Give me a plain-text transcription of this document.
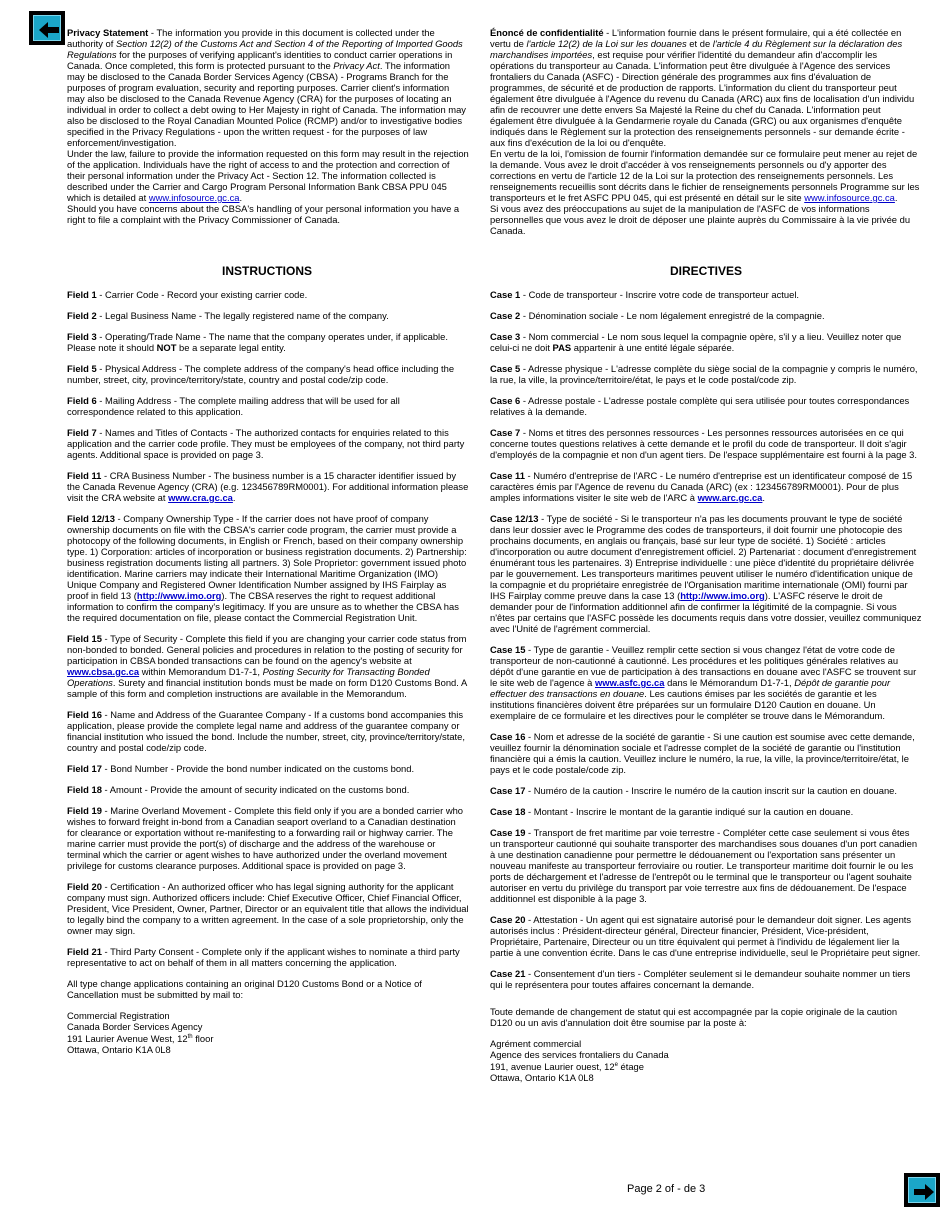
Privacy Statement - The information you provide in this document is collected under the authority of Section 12(2) of the Customs Act and Section 4 of the Reporting of Imported Goods Regulations for the purposes of verifying applicant's identities to conduct carrier operations in Canada. Once completed, this form is protected pursuant to the Privacy Act. The information may be disclosed to the Canada Border Services Agency (CBSA) - Programs Branch for the purposes of program evaluation, security and reporting purposes. Carrier client's information may also be disclosed to the Canada Revenue Agency (CRA) for the purposes of locating an individual in order to collect a debt owing to Her Majesty in right of Canada. The information may also be disclosed to the Royal Canadian Mounted Police (RCMP) and/or to investigative bodies specified in the Privacy Regulations - upon the written request - for the purposes of law enforcement/investigation.

Under the law, failure to provide the information requested on this form may result in the rejection of the application. Individuals have the right of access to and the protection and correction of their personal information under the Privacy Act - Section 12. The information collected is described under the Carrier and Cargo Program Personal Information Bank CBSA PPU 045 which is detailed at www.infosource.gc.ca.

Should you have concerns about the CBSA's handling of your personal information you have a right to file a complaint with the Privacy Commissioner of Canada.

Énoncé de confidentialité - L'information fournie dans le présent formulaire, qui a été collectée en vertu de l'article 12(2) de la Loi sur les douanes et de l'article 4 du Règlement sur la déclaration des marchandises importées, est requise pour vérifier l'identité du demandeur afin d'accomplir les opérations du transporteur au Canada. L'information peut être divulguée à l'Agence des services frontaliers du Canada (ASFC) - Direction générale des programmes aux fins d'évaluation de programmes, de sécurité et de production de rapports. L'information du client du transporteur peut également être divulguée à l'Agence du revenu du Canada (ARC) aux fins de localisation d'un individu afin de recouvrer une dette envers Sa Majesté la Reine du chef du Canada. L'information peut également être divulguée à la Gendarmerie royale du Canada (GRC) ou aux organismes d'enquête indiqués dans le Règlement sur la protection des renseignements personnels - sur demande écrite - aux fins d'exécution de la loi ou d'enquête.

En vertu de la loi, l'omission de fournir l'information demandée sur ce formulaire peut mener au rejet de la demande. Vous avez le droit d'accéder à vos renseignements personnels ou d'y apporter des corrections en vertu de l'article 12 de la Loi sur la protection des renseignements personnels. Les renseignements recueillis sont décrits dans le fichier de renseignements personnels Programme sur les transporteurs et le fret ASFC PPU 045, qui est présenté en détail sur le site www.infosource.gc.ca.

Si vous avez des préoccupations au sujet de la manipulation de l'ASFC de vos informations personnelles que vous avez le droit de déposer une plainte auprès du Commissaire à la vie privée du Canada.

INSTRUCTIONS	DIRECTIVES
Field 1 - Carrier Code - Record your existing carrier code.
Field 2 - Legal Business Name - The legally registered name of the company.
Field 3 - Operating/Trade Name - The name that the company operates under, if applicable. Please note it should NOT be a separate legal entity.
Field 5 - Physical Address - The complete address of the company's head office including the number, street, city, province/territory/state, country and postal code/zip code.
Field 6 - Mailing Address - The complete mailing address that will be used for all correspondence related to this application.
Field 7 - Names and Titles of Contacts - The authorized contacts for enquiries related to this application and the carrier code profile. They must be employees of the company, not third party agents. Additional space is provided on page 3.
Field 11 - CRA Business Number - The business number is a 15 character identifier issued by the Canada Revenue Agency (CRA) (e.g. 123456789RM0001). For additional information please visit the CRA website at www.cra.gc.ca.
Field 12/13 - Company Ownership Type - If the carrier does not have proof of company ownership documents on file with the CBSA's carrier code program, the carrier must provide a photocopy of the following documents, in English or French, based on their company ownership type. 1) Corporation: articles of incorporation or business registration documents. 2) Partnership: business registration documents listing all partners. 3) Sole Proprietor: government issued photo identification. Marine carriers may indicate their International Maritime Organization (IMO) Unique Company and Registered Owner Identification Number assigned by IHS Fairplay as proof in field 13 (http://www.imo.org). The CBSA reserves the right to request additional information to confirm the company's legitimacy. If you are unsure as to whether the CBSA has the required documentation on file, please contact the Commercial Registration Unit.
Field 15 - Type of Security - Complete this field if you are changing your carrier code status from non-bonded to bonded. General policies and procedures in relation to the posting of security for participation in CBSA bonded transactions can be found on the agency's website at www.cbsa.gc.ca within Memorandum D1-7-1, Posting Security for Transacting Bonded Operations. Surety and financial institution bonds must be made on form D120 Customs Bond. A sample of this form and completion instructions are available in the Memorandum.
Field 16 - Name and Address of the Guarantee Company - If a customs bond accompanies this application, please provide the complete legal name and address of the guarantee company or financial institution who issued the bond. Include the number, street, city, province/territory/state, country and postal code/zip code.
Field 17 - Bond Number - Provide the bond number indicated on the customs bond.
Field 18 - Amount - Provide the amount of security indicated on the customs bond.
Field 19 - Marine Overland Movement - Complete this field only if you are a bonded carrier who wishes to forward freight in-bond from a Canadian seaport overland to a Canadian destination for clearance or exportation without re-manifesting to a forwarding rail or highway carrier. The marine carrier must provide the port(s) of discharge and the address of the warehouse or terminal which the carrier or agent wishes to have authorized under the overland movement privilege for customs clearance purposes. Additional space is provided on page 3.
Field 20 - Certification - An authorized officer who has legal signing authority for the applicant company must sign. Authorized officers include: Chief Executive Officer, Chief Financial Officer, President, Vice President, Owner, Partner, Director or an equivalent title that allows the individual to legally bind the company to a written agreement. In the case of a sole proprietorship, only the owner may sign.
Field 21 - Third Party Consent - Complete only if the applicant wishes to nominate a third party representative to act on behalf of them in all matters concerning the application.
All type change applications containing an original D120 Customs Bond or a Notice of Cancellation must be submitted by mail to:
Commercial Registration
Canada Border Services Agency
191 Laurier Avenue West, 12th floor
Ottawa, Ontario K1A 0L8
Case 1 - Code de transporteur - Inscrire votre code de transporteur actuel.
Case 2 - Dénomination sociale - Le nom légalement enregistré de la compagnie.
Case 3 - Nom commercial - Le nom sous lequel la compagnie opère, s'il y a lieu. Veuillez noter que celui-ci ne doit PAS appartenir à une entité légale séparée.
Case 5 - Adresse physique - L'adresse complète du siège social de la compagnie y compris le numéro, la rue, la ville, la province/territoire/état, le pays et le code postal/code zip.
Case 6 - Adresse postale - L'adresse postale complète qui sera utilisée pour toutes correspondances relatives à la demande.
Case 7 - Noms et titres des personnes ressources - Les personnes ressources autorisées en ce qui concerne toutes questions relatives à cette demande et le profil du code de transporteur. Il doit s'agir d'employés de la compagnie et non d'un agent tiers. De l'espace supplémentaire est fourni à la page 3.
Case 11 - Numéro d'entreprise de l'ARC - Le numéro d'entreprise est un identificateur composé de 15 caractères émis par l'Agence de revenu du Canada (ARC) (ex : 123456789RM0001). Pour de plus amples informations visiter le site web de l'ARC à www.arc.gc.ca.
Case 12/13 - Type de société - Si le transporteur n'a pas les documents prouvant le type de société dans leur dossier avec le Programme des codes de transporteurs, il doit fournir une photocopie des prochains documents, en anglais ou français, basé sur leur type de société. 1) Société : articles d'incorporation ou autre document d'enregistrement officiel. 2) Partenariat : document d'enregistrement énumérant tous les partenaires. 3) Entreprise individuelle : une pièce d'identité du propriétaire délivrée par le gouvernement. Les transporteurs maritimes peuvent utiliser le numéro d'identification unique de la compagnie et du propriétaire enregistrée de l'Organisation maritime internationale (OMI) fourni par IHS Fairplay comme preuve dans la case 13 (http://www.imo.org). L'ASFC réserve le droit de demander pour de l'information additionnel afin de confirmer la légitimité de la compagnie. Si vous n'êtes par certains que l'ASFC possède les documents requis dans votre dossier, veuillez communiquez avec l'Unité de l'agrément commercial.
Case 15 - Type de garantie - Veuillez remplir cette section si vous changez l'état de votre code de transporteur de non-cautionné à cautionné. Les procédures et les politiques générales relatives au dépôt d'une garantie en vue de participation à des transactions en douane avec l'ASFC se trouvent sur le site web de l'agence à www.asfc.gc.ca dans le Mémorandum D1-7-1, Dépôt de garantie pour effectuer des transactions en douane. Les cautions émises par les sociétés de garantie et les institutions financières doivent être préparées sur un formulaire D120 Caution en douane. Un exemplaire de ce formulaire et les directives pour le compléter se trouve dans le Mémorandum.
Case 16 - Nom et adresse de la société de garantie - Si une caution est soumise avec cette demande, veuillez fournir la dénomination sociale et l'adresse complet de la société de garantie ou l'institution financière qui a émis la caution. Veuillez inclure le numéro, la rue, la ville, la province/territoire/état, le pays et le code postale/code zip.
Case 17 - Numéro de la caution - Inscrire le numéro de la caution inscrit sur la caution en douane.
Case 18 - Montant - Inscrire le montant de la garantie indiqué sur la caution en douane.
Case 19 - Transport de fret maritime par voie terrestre - Compléter cette case seulement si vous êtes un transporteur cautionné qui souhaite transporter des marchandises sous douanes d'un port canadien à une destination canadienne pour permettre le dédouanement ou l'exportation sans présenter un nouveau manifeste au transporteur ferroviaire ou routier. Le transporteur maritime doit fournir le ou les ports de déchargement et l'adresse de l'entrepôt ou le terminal que le transporteur ou l'agent souhaite autoriser en vertu du privilège du transport par voie terrestre aux fins de dédouanement. De l'espace additionnel est disponible à la page 3.
Case 20 - Attestation - Un agent qui est signataire autorisé pour le demandeur doit signer. Les agents autorisés inclus : Président-directeur général, Directeur financier, Président, Vice-président, Propriétaire, Partenaire, Directeur ou un titre équivalent qui permet à l'individu de légalement lier la partie à une convention écrite. Dans le cas d'une entreprise individuelle, seul le Propriétaire peut signer.
Case 21 - Consentement d'un tiers - Compléter seulement si le demandeur souhaite nommer un tiers qui le représentera pour toutes affaires concernant la demande.
Toute demande de changement de statut qui est accompagnée par la copie originale de la caution D120 ou un avis d'annulation doit être soumise par la poste à:
Agrément commercial
Agence des services frontaliers du Canada
191, avenue Laurier ouest, 12e étage
Ottawa, Ontario K1A 0L8
Page 2 of - de 3
